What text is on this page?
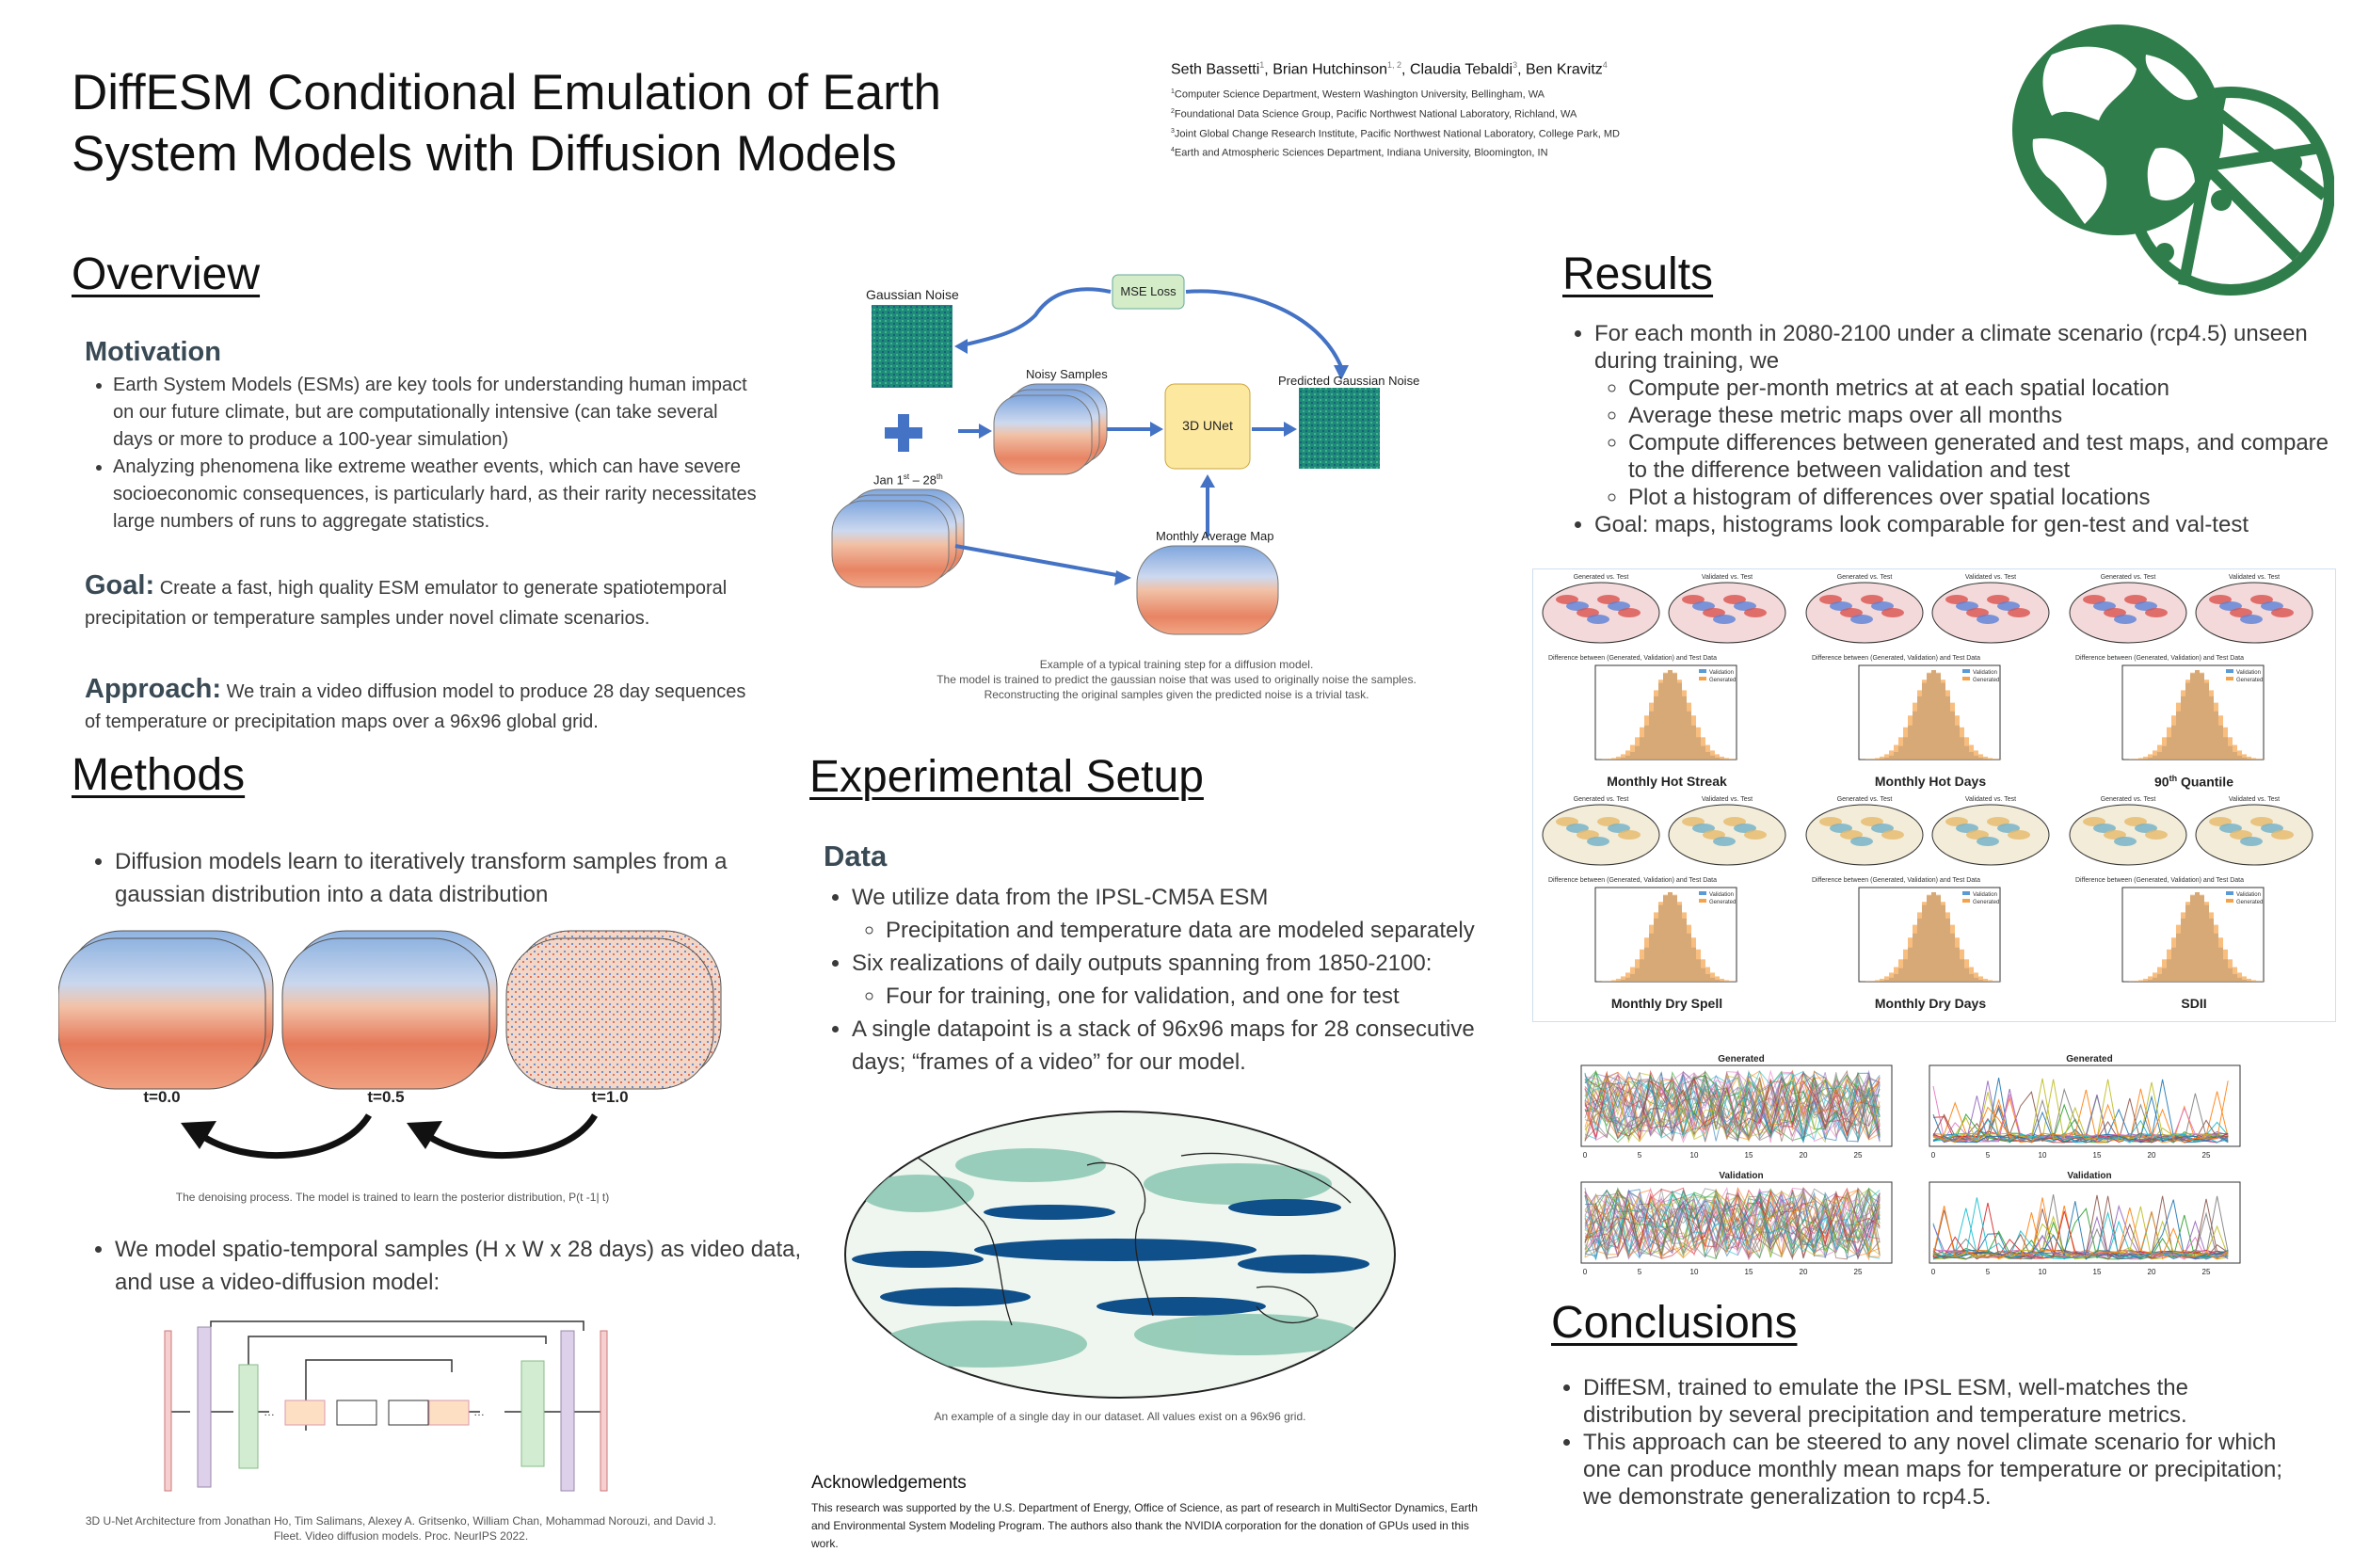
DiffESM Conditional Emulation of Earth
System Models with Diffusion Models
Seth Bassetti$^1$, Brian Hutchinson$^{1, 2}$, Claudia Tebaldi$^3$, Ben Kravitz$^4$
$^1$Computer Science Department, Western Washington University, Bellingham, WA
$^2$Foundational Data Science Group, Pacific Northwest National Laboratory, Richland, WA
$^3$Joint Global Change Research Institute, Pacific Northwest National Laboratory, College Park, MD
$^4$Earth and Atmospheric Sciences Department, Indiana University, Bloomington, IN
Overview
Motivation
• Earth System Models (ESMs) are key tools for understanding human impact on our future climate, but are computationally intensive (can take several days or more to produce a 100-year simulation)
• Analyzing phenomena like extreme weather events, which can have severe socioeconomic consequences, is particularly hard, as their rarity necessitates large numbers of runs to aggregate statistics.
Goal: Create a fast, high quality ESM emulator to generate spatiotemporal precipitation or temperature samples under novel climate scenarios.
Approach: We train a video diffusion model to produce 28 day sequences of temperature or precipitation maps over a 96x96 global grid.
Methods
• Diffusion models learn to iteratively transform samples from a gaussian distribution into a data distribution
t=0.0	t=0.5	t=1.0
The denoising process. The model is trained to learn the posterior distribution, P(t -1| t)
• We model spatio-temporal samples (H x W x 28 days) as video data, and use a video-diffusion model:
…	…
3D U-Net Architecture from Jonathan Ho, Tim Salimans, Alexey A. Gritsenko, William Chan, Mohammad Norouzi, and David J. Fleet. Video diffusion models. Proc. NeurIPS 2022.
Gaussian Noise	MSE Loss
Noisy Samples	Predicted Gaussian Noise
3D UNet
Jan 1st – 28th
Monthly Average Map
Example of a typical training step for a diffusion model.
The model is trained to predict the gaussian noise that was used to originally noise the samples.
Reconstructing the original samples given the predicted noise is a trivial task.
Experimental Setup
Data
• We utilize data from the IPSL-CM5A ESM
◦ Precipitation and temperature data are modeled separately
• Six realizations of daily outputs spanning from 1850-2100:
◦ Four for training, one for validation, and one for test
• A single datapoint is a stack of 96x96 maps for 28 consecutive days; “frames of a video” for our model.
An example of a single day in our dataset. All values exist on a 96x96 grid.
Acknowledgements
This research was supported by the U.S. Department of Energy, Office of Science, as part of research in MultiSector Dynamics, Earth and Environmental System Modeling Program. The authors also thank the NVIDIA corporation for the donation of GPUs used in this work.
Results
• For each month in 2080-2100 under a climate scenario (rcp4.5) unseen during training, we
◦ Compute per-month metrics at at each spatial location
◦ Average these metric maps over all months
◦ Compute differences between generated and test maps, and compare to the difference between validation and test
◦ Plot a histogram of differences over spatial locations
• Goal: maps, histograms look comparable for gen-test and val-test
Generated vs. Test	Validated vs. Test
Difference between (Generated, Validation) and Test Data
Validation
Generated
Monthly Hot Streak
Generated vs. Test	Validated vs. Test
Difference between (Generated, Validation) and Test Data
Validation
Generated
Monthly Hot Days
Generated vs. Test	Validated vs. Test
Difference between (Generated, Validation) and Test Data
Validation
Generated
90th Quantile
Generated vs. Test	Validated vs. Test
Difference between (Generated, Validation) and Test Data
Validation
Generated
Monthly Dry Spell
Generated vs. Test	Validated vs. Test
Difference between (Generated, Validation) and Test Data
Validation
Generated
Monthly Dry Days
Generated vs. Test	Validated vs. Test
Difference between (Generated, Validation) and Test Data
Validation
Generated
SDII
Generated
0	5	10	15	20	25
Generated
0	5	10	15	20	25
Validation
0	5	10	15	20	25
Validation
0	5	10	15	20	25
Conclusions
• DiffESM, trained to emulate the IPSL ESM, well-matches the distribution by several precipitation and temperature metrics.
• This approach can be steered to any novel climate scenario for which one can produce monthly mean maps for temperature or precipitation; we demonstrate generalization to rcp4.5.
